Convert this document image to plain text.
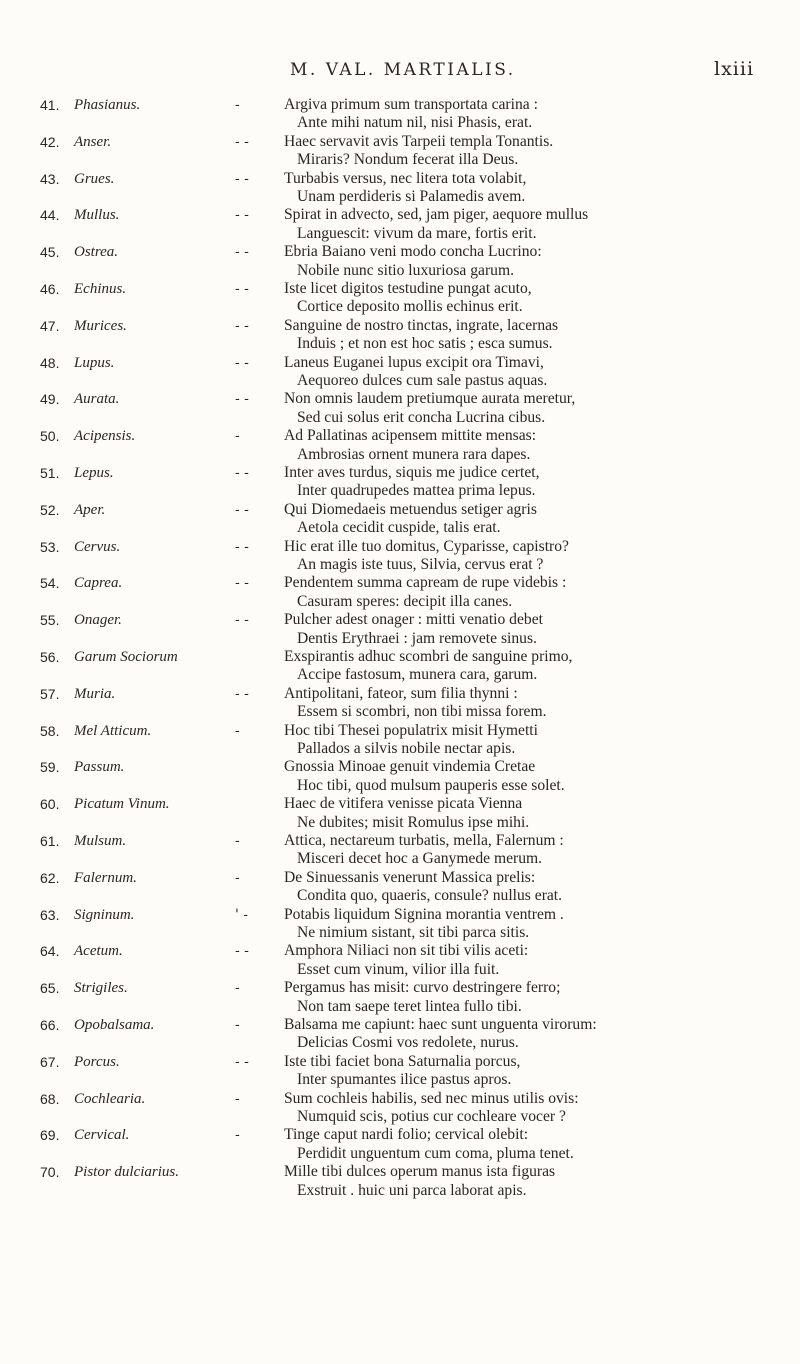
M. VAL. MARTIALIS.	lxiii
41. Phasianus.	-	Argiva primum sum transportata carina :
Ante mihi natum nil, nisi Phasis, erat.
42. Anser.	- - Haec servavit avis Tarpeii templa Tonantis.
Miraris? Nondum fecerat illa Deus.
43. Grues.	- - Turbabis versus, nec litera tota volabit,
Unam perdideris si Palamedis avem.
44. Mullus.	- - Spirat in advecto, sed, jam piger, aequore mullus
Languescit: vivum da mare, fortis erit.
45. Ostrea.	- - Ebria Baiano veni modo concha Lucrino:
Nobile nunc sitio luxuriosa garum.
46. Echinus.	- - Iste licet digitos testudine pungat acuto,
Cortice deposito mollis echinus erit.
47. Murices.	- - Sanguine de nostro tinctas, ingrate, lacernas
Induis ; et non est hoc satis ; esca sumus.
48. Lupus.	- - Laneus Euganei lupus excipit ora Timavi,
Aequoreo dulces cum sale pastus aquas.
49. Aurata.	- - Non omnis laudem pretiumque aurata meretur,
Sed cui solus erit concha Lucrina cibus.
50. Acipensis.	-	Ad Pallatinas acipensem mittite mensas:
Ambrosias ornent munera rara dapes.
51. Lepus.	- - Inter aves turdus, siquis me judice certet,
Inter quadrupedes mattea prima lepus.
52. Aper.	- - Qui Diomedaeis metuendus setiger agris
Aetola cecidit cuspide, talis erat.
53. Cervus.	- - Hic erat ille tuo domitus, Cyparisse, capistro?
An magis iste tuus, Silvia, cervus erat ?
54. Caprea.	- - Pendentem summa capream de rupe videbis :
Casuram speres: decipit illa canes.
55. Onager.	- - Pulcher adest onager : mitti venatio debet
Dentis Erythraei : jam removete sinus.
56. Garum Sociorum	Exspirantis adhuc scombri de sanguine primo,
Accipe fastosum, munera cara, garum.
57. Muria.	- - Antipolitani, fateor, sum filia thynni :
Essem si scombri, non tibi missa forem.
58. Mel Atticum.	-	Hoc tibi Thesei populatrix misit Hymetti
Pallados a silvis nobile nectar apis.
59. Passum.	Gnossia Minoae genuit vindemia Cretae
Hoc tibi, quod mulsum pauperis esse solet.
60. Picatum Vinum.	Haec de vitifera venisse picata Vienna
Ne dubites; misit Romulus ipse mihi.
61. Mulsum.	-	Attica, nectareum turbatis, mella, Falernum :
Misceri decet hoc a Ganymede merum.
62. Falernum.	-	De Sinuessanis venerunt Massica prelis:
Condita quo, quaeris, consule? nullus erat.
63. Signinum.	' - Potabis liquidum Signina morantia ventrem .
Ne nimium sistant, sit tibi parca sitis.
64. Acetum.	- - Amphora Niliaci non sit tibi vilis aceti:
Esset cum vinum, vilior illa fuit.
65. Strigiles.	-	Pergamus has misit: curvo destringere ferro;
Non tam saepe teret lintea fullo tibi.
66. Opobalsama.	-	Balsama me capiunt: haec sunt unguenta virorum:
Delicias Cosmi vos redolete, nurus.
67. Porcus.	- - Iste tibi faciet bona Saturnalia porcus,
Inter spumantes ilice pastus apros.
68. Cochlearia.	-	Sum cochleis habilis, sed nec minus utilis ovis:
Numquid scis, potius cur cochleare vocer ?
69. Cervical.	-	Tinge caput nardi folio; cervical olebit:
Perdidit unguentum cum coma, pluma tenet.
70. Pistor dulciarius.	Mille tibi dulces operum manus ista figuras
Exstruit . huic uni parca laborat apis.
